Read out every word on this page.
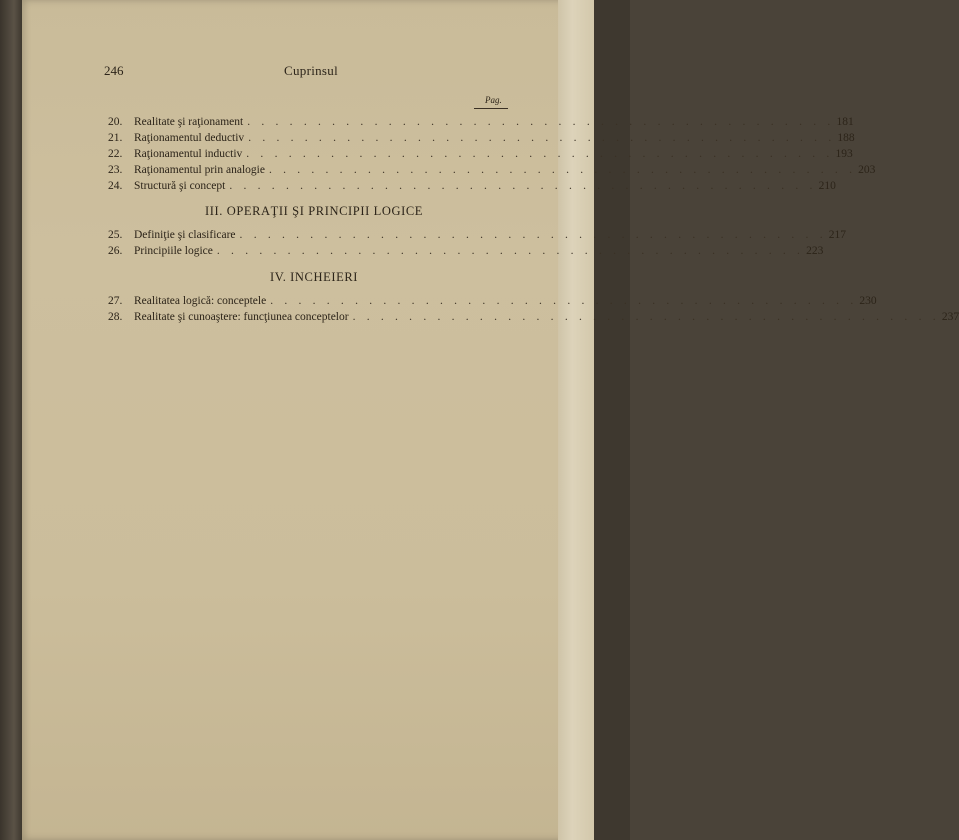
246	Cuprinsul
Pag.
20.	Realitate şi raţionament . . . . . . . . . . . . . . . . . . . . . . . . . . . . . . . . . . . . . . . . . . 181
21.	Raţionamentul deductiv . . . . . . . . . . . . . . . . . . . . . . . . . . . . . . . . . . . . . . . . . . 188
22.	Raţionamentul inductiv . . . . . . . . . . . . . . . . . . . . . . . . . . . . . . . . . . . . . . . . . . 193
23.	Raţionamentul prin analogie . . . . . . . . . . . . . . . . . . . . . . . . . . . . . . . . . . . . . . . . . . 203
24.	Structură şi concept . . . . . . . . . . . . . . . . . . . . . . . . . . . . . . . . . . . . . . . . . . 210
III. OPERAŢII ŞI PRINCIPII LOGICE
25.	Definiţie şi clasificare . . . . . . . . . . . . . . . . . . . . . . . . . . . . . . . . . . . . . . . . . . 217
26.	Principiile logice . . . . . . . . . . . . . . . . . . . . . . . . . . . . . . . . . . . . . . . . . . 223
IV. INCHEIERI
27.	Realitatea logică: conceptele . . . . . . . . . . . . . . . . . . . . . . . . . . . . . . . . . . . . . . . . . . 230
28.	Realitate şi cunoaştere: funcţiunea conceptelor . . . . . . . . . . . . . . . . . . . . . . . . . . . . . . . . . . . . . . . . . . 237
